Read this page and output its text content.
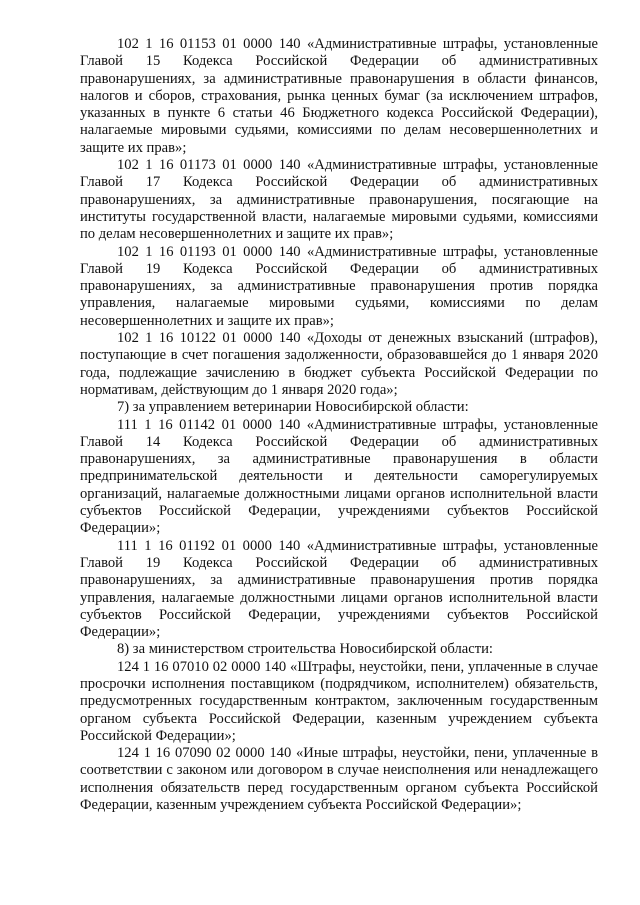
102 1 16 01153 01 0000 140 «Административные штрафы, установленные Главой 15 Кодекса Российской Федерации об административных правонарушениях, за административные правонарушения в области финансов, налогов и сборов, страхования, рынка ценных бумаг (за исключением штрафов, указанных в пункте 6 статьи 46 Бюджетного кодекса Российской Федерации), налагаемые мировыми судьями, комиссиями по делам несовершеннолетних и защите их прав»;

102 1 16 01173 01 0000 140 «Административные штрафы, установленные Главой 17 Кодекса Российской Федерации об административных правонарушениях, за административные правонарушения, посягающие на институты государственной власти, налагаемые мировыми судьями, комиссиями по делам несовершеннолетних и защите их прав»;

102 1 16 01193 01 0000 140 «Административные штрафы, установленные Главой 19 Кодекса Российской Федерации об административных правонарушениях, за административные правонарушения против порядка управления, налагаемые мировыми судьями, комиссиями по делам несовершеннолетних и защите их прав»;

102 1 16 10122 01 0000 140 «Доходы от денежных взысканий (штрафов), поступающие в счет погашения задолженности, образовавшейся до 1 января 2020 года, подлежащие зачислению в бюджет субъекта Российской Федерации по нормативам, действующим до 1 января 2020 года»;

7) за управлением ветеринарии Новосибирской области:

111 1 16 01142 01 0000 140 «Административные штрафы, установленные Главой 14 Кодекса Российской Федерации об административных правонарушениях, за административные правонарушения в области предпринимательской деятельности и деятельности саморегулируемых организаций, налагаемые должностными лицами органов исполнительной власти субъектов Российской Федерации, учреждениями субъектов Российской Федерации»;

111 1 16 01192 01 0000 140 «Административные штрафы, установленные Главой 19 Кодекса Российской Федерации об административных правонарушениях, за административные правонарушения против порядка управления, налагаемые должностными лицами органов исполнительной власти субъектов Российской Федерации, учреждениями субъектов Российской Федерации»;

8) за министерством строительства Новосибирской области:

124 1 16 07010 02 0000 140 «Штрафы, неустойки, пени, уплаченные в случае просрочки исполнения поставщиком (подрядчиком, исполнителем) обязательств, предусмотренных государственным контрактом, заключенным государственным органом субъекта Российской Федерации, казенным учреждением субъекта Российской Федерации»;

124 1 16 07090 02 0000 140 «Иные штрафы, неустойки, пени, уплаченные в соответствии с законом или договором в случае неисполнения или ненадлежащего исполнения обязательств перед государственным органом субъекта Российской Федерации, казенным учреждением субъекта Российской Федерации»;
